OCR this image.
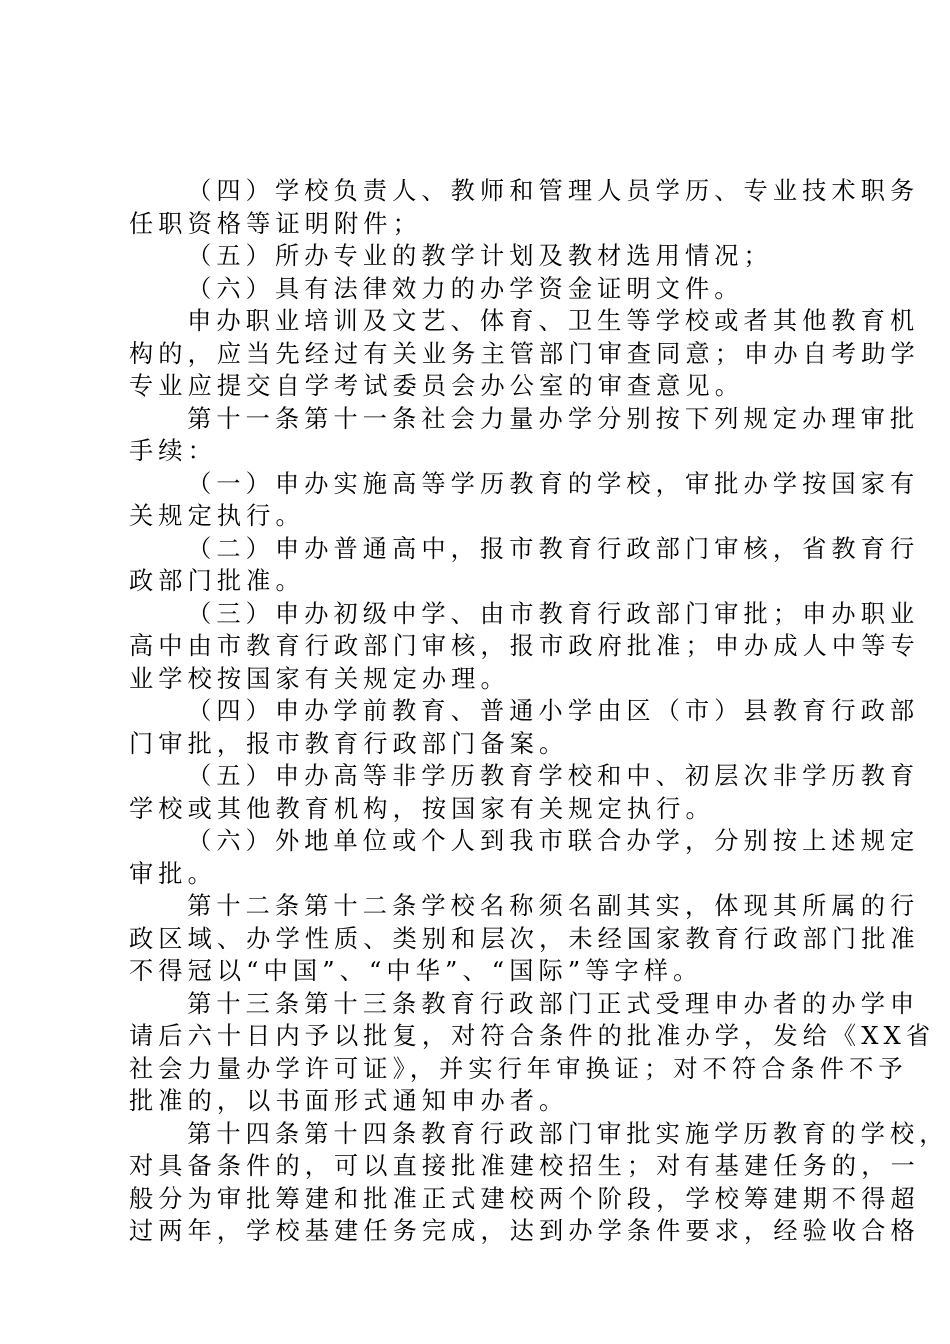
（四）学校负责人、教师和管理人员学历、专业技术职务
任职资格等证明附件；

（五）所办专业的教学计划及教材选用情况；

（六）具有法律效力的办学资金证明文件。

申办职业培训及文艺、体育、卫生等学校或者其他教育机
构的，应当先经过有关业务主管部门审查同意；申办自考助学
专业应提交自学考试委员会办公室的审查意见。

第十一条第十一条社会力量办学分别按下列规定办理审批
手续：

（一）申办实施高等学历教育的学校，审批办学按国家有
关规定执行。

（二）申办普通高中，报市教育行政部门审核，省教育行
政部门批准。

（三）申办初级中学、由市教育行政部门审批；申办职业
高中由市教育行政部门审核，报市政府批准；申办成人中等专
业学校按国家有关规定办理。

（四）申办学前教育、普通小学由区（市）县教育行政部
门审批，报市教育行政部门备案。

（五）申办高等非学历教育学校和中、初层次非学历教育
学校或其他教育机构，按国家有关规定执行。

（六）外地单位或个人到我市联合办学，分别按上述规定
审批。

第十二条第十二条学校名称须名副其实，体现其所属的行
政区域、办学性质、类别和层次，未经国家教育行政部门批准
不得冠以“中国”、“中华”、“国际”等字样。

第十三条第十三条教育行政部门正式受理申办者的办学申
请后六十日内予以批复，对符合条件的批准办学，发给《XX省
社会力量办学许可证》，并实行年审换证；对不符合条件不予
批准的，以书面形式通知申办者。

第十四条第十四条教育行政部门审批实施学历教育的学校，
对具备条件的，可以直接批准建校招生；对有基建任务的，一
般分为审批筹建和批准正式建校两个阶段，学校筹建期不得超
过两年，学校基建任务完成，达到办学条件要求，经验收合格
